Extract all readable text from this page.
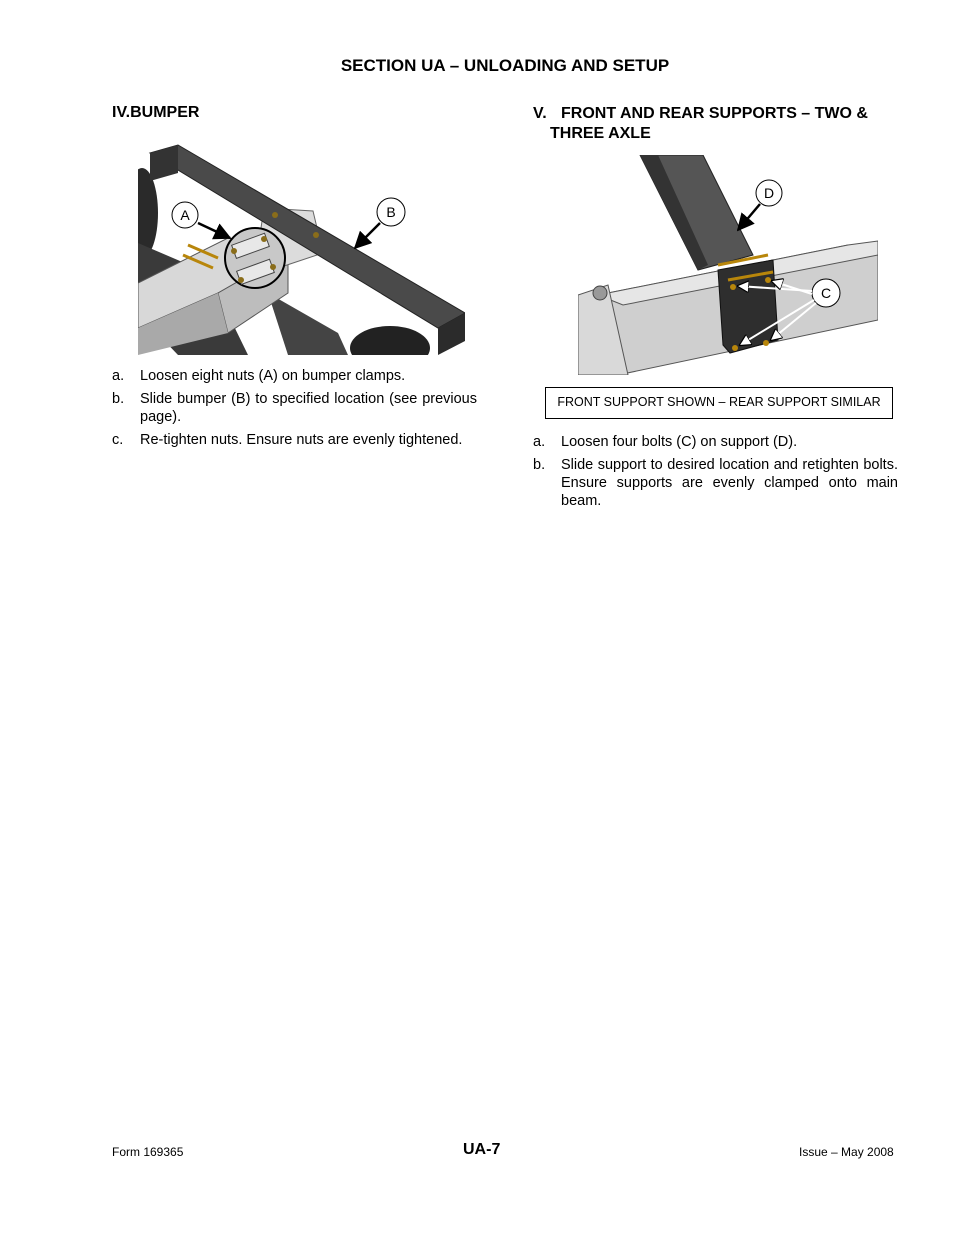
SECTION UA – UNLOADING AND SETUP
IV.BUMPER	V. FRONT AND REAR SUPPORTS – TWO &
THREE AXLE
A	B
a. Loosen eight nuts (A) on bumper clamps.
b. Slide bumper (B) to specified location (see previous page).
c. Re-tighten nuts. Ensure nuts are evenly tightened.
D
C
FRONT SUPPORT SHOWN – REAR SUPPORT SIMILAR
a. Loosen four bolts (C) on support (D).
b. Slide support to desired location and retighten bolts. Ensure supports are evenly clamped onto main beam.
Form 169365	UA-7	Issue – May 2008
